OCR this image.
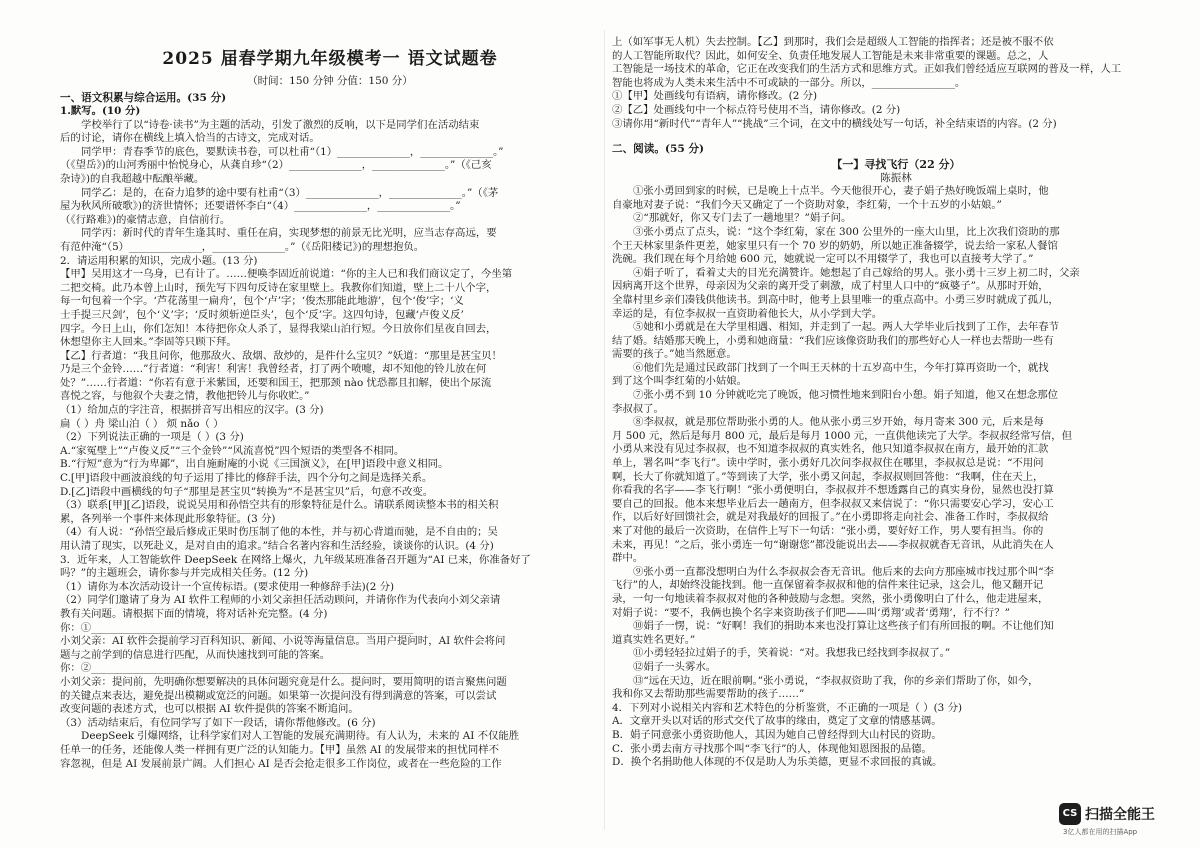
2025 届春学期九年级模考一 语文试题卷
（时间：150 分钟 分值：150 分）
一、语文积累与综合运用。(35 分)
1.默写。(10 分)
学校举行了以“诗卷·读书”为主题的活动，引发了激烈的反响，以下是同学们在活动结束
后的讨论，请你在横线上填入恰当的古诗文，完成对话。
同学甲：青春季节的底色，要默读书卷，可以杜甫“（1）______________，______________。”
（《望岳》)的山河秀丽中怡悦身心，从龚自珍“（2）______________，______________。”（《己亥
杂诗》)的自我超越中酝酿举藏。
同学乙：是的，在奋力追梦的途中要有杜甫“（3）______________，______________。”（《茅
屋为秋风所破歌》)的济世情怀；还要谱怀李白“（4）______________，______________。”
（《行路难》)的豪情志意，自信前行。
同学丙：新时代的青年生逢其时、重任在肩，实现梦想的前景无比光明，应当志存高远，要
有范仲淹“（5）______________，______________。”（《岳阳楼记》)的理想抱负。
2．请运用积累的知识，完成小题。(13 分)
【甲】吴用这才一乌身，已有计了。……便唤李固近前说道：“你的主人已和我们商议定了，今坐第
二把交椅。此乃本曾上山时，预先写下四句反诗在家里壁上。我教你们知道，壁上二十八个字，
每一句包着一个字。‘芦花荡里一扁舟’，包个‘卢’字；‘俊杰那能此地游’，包个‘俊’字；‘义
士手提三尺剑’，包个‘义’字；‘反时须斩逆臣头’，包个‘反’字。这四句诗，包藏‘卢俊义反’
四字。今日上山，你们怎知！本待把你众人杀了，显得我梁山泊行短。今日放你们星夜自回去，
休想望你主人回来。”李固等只顾下拜。
【乙】行者道：“我且问你，他那敌火、敌烟、敌炒的，是件什么宝贝？”妖道：“那里是甚宝贝！
乃是三个金铃……”行者道：“利害！利害！我曾经者，打了两个喷嚏，却不知他的铃儿放在何
处？”……行者道：“你若有意于米紫国，还要和国王，把那颈 nào 忧恐都且扣解，使出个尿流
喜悦之容，与他叙个夫妻之情，教他把铃儿与你收贮。”
（1）给加点的字注音，根据拼音写出相应的汉字。(3 分)
扁（ ）舟 梁山泊（ ） 烦 nǎo（ ）
（2）下列说法正确的一项是（ ）(3 分)
A.“家冤壁上”“卢俊义反”“三个金铃”“风流喜悦”四个短语的类型各不相同。
B.“行短”意为“行为卑鄙”，出自施耐庵的小说《三国演义》，在[甲]语段中意义相同。
C.[甲]语段中画波浪线的句子运用了排比的修辞手法，四个分句之间是选择关系。
D.[乙]语段中画横线的句子“那里是甚宝贝”转换为“不是甚宝贝”后，句意不改变。
（3）联系[甲][乙]语段，说说吴用和孙悟空共有的形象特征是什么。请联系阅读整本书的相关积
累，各列举一个事件来体现此形象特征。(3 分)
（4）有人说：“孙悟空最后修成正果时伤压制了他的本性，并与初心背道而驰，是不自由的；吴
用认清了现实，以死赴义，是对自由的追求。”结合名著内容和生活经验，谈谈你的认识。(4 分)
3．近年来，人工智能软件 DeepSeek 在网络上爆火，九年级某班准备召开题为“AI 已来，你准备好了
吗？”的主题班会，请你参与并完成相关任务。(12 分)
（1）请你为本次活动设计一个宣传标语。(要求使用一种修辞手法)(2 分)
（2）同学们邀请了身为 AI 软件工程师的小刘父亲担任活动顾问，并请你作为代表向小刘父亲请
教有关问题。请根据下面的情境，将对话补充完整。(4 分)
你：①______________________________________________________________
小刘父亲：AI 软件会提前学习百科知识、新闻、小说等海量信息。当用户提问时，AI 软件会将问
题与之前学到的信息进行匹配，从而快速找到可能的答案。
你：②______________________________________________________________
小刘父亲：提问前，先明确你想要解决的具体问题究竟是什么。提问时，要用简明的语言聚焦问题
的关键点来表达，避免提出模糊或宽泛的问题。如果第一次提问没有得到满意的答案，可以尝试
改变问题的表述方式，也可以根据 AI 软件提供的答案不断追问。
（3）活动结束后，有位同学写了如下一段话，请你帮他修改。(6 分)
DeepSeek 引爆网络，让科学家们对人工智能的发展充满期待。有人认为，未来的 AI 不仅能胜
任单一的任务，还能像人类一样拥有更广泛的认知能力。【甲】虽然 AI 的发展带来的担忧同样不
容忽视，但是 AI 发展前景广阔。人们担心 AI 是否会抢走很多工作岗位，或者在一些危险的工作
上（如军事无人机）失去控制。【乙】到那时，我们会是超级人工智能的指挥者；还是被不服不依
的人工智能所取代？因此，如何安全、负责任地发展人工智能是未来非常重要的课题。总之，人
工智能是一场技术的革命，它正在改变我们的生活方式和思维方式。正如我们曾经适应互联网的普及一样，人工
智能也将成为人类未来生活中不可或缺的一部分。所以，________________。
①【甲】处画线句有语病，请你修改。(2 分)
②【乙】处画线句中一个标点符号使用不当，请你修改。(2 分)
③请你用“新时代”“青年人”“挑战”三个词，在文中的横线处写一句话，补全结束语的内容。(2 分)
二、阅读。(55 分)
【一】寻找飞行（22 分）
陈振林
①张小勇回到家的时候，已是晚上十点半。今天他很开心，妻子娟子热好晚饭端上桌时，他
自豪地对妻子说：“我们今天又确定了一个资助对象，李红菊，一个十五岁的小姑娘。”
②“那就好，你又专门去了一趟地里？”娟子问。
③张小勇点了点头，说：“这个李红菊，家在 300 公里外的一座大山里，比上次我们资助的那
个王天林家里条件更差，她家里只有一个 70 岁的奶奶，所以她正准备辍学，说去给一家私人餐馆
洗碗。我们现在每个月给她 600 元，她就说一定可以不用辍学了，我也可以直接考大学了。”
④娟子听了，看着丈夫的目光充满赞许。她想起了自己嫁给的男人。张小勇十三岁上初二时，父亲
因病离开这个世界，母亲因为父亲的离开受了刺激，成了村里人口中的“疯婆子”。从那时开始，
全靠村里乡亲们凑钱供他读书。到高中时，他考上县里唯一的重点高中。小勇三岁时就成了孤儿，
幸运的是，有位李叔叔一直资助着他长大，从小学到大学。
⑤她和小勇就是在大学里相遇、相知，并走到了一起。两人大学毕业后找到了工作，去年春节
结了婚。结婚那天晚上，小勇和她商量：“我们应该像资助我们的那些好心人一样也去帮助一些有
需要的孩子。”她当然愿意。
⑥他们先是通过民政部门找到了一个叫王天林的十五岁高中生，今年打算再资助一个，就找
到了这个叫李红菊的小姑娘。
⑦张小勇不到 10 分钟就吃完了晚饭，他习惯性地来到阳台小憩。娟子知道，他又在想念那位
李叔叔了。
⑧李叔叔，就是那位帮助张小勇的人。他从张小勇三岁开始，每月寄来 300 元，后来是每
月 500 元，然后是每月 800 元，最后是每月 1000 元，一直供他读完了大学。李叔叔经常写信，但
小勇从来没有见过李叔叔，也不知道李叔叔的真实姓名，他只知道李叔叔在南方，最开始的汇款
单上，署名叫“李飞行”。读中学时，张小勇好几次问李叔叔住在哪里，李叔叔总是说：“不用问
啊，长大了你就知道了。”等到读了大学，张小勇又问起，李叔叔则回答他：“我啊，住在天上，
你看我的名字——李飞行啊！”张小勇便明白，李叔叔并不想透露自己的真实身份，显然也没打算
要自己的回报。他本来想毕业后去一趟南方，但李叔叔又来信说了：“你只需要安心学习，安心工
作，以后好好回馈社会，就是对我最好的回报了。”在小勇即将走向社会、准备工作时，李叔叔给
来了对他的最后一次资助，在信件上写下一句话：“张小勇，要好好工作，男人要有担当。你的
未来，再见！”之后，张小勇连一句“谢谢您”都没能说出去——李叔叔就杳无音讯，从此消失在人
群中。
⑨张小勇一直都没想明白为什么李叔叔会杳无音讯。他后来的去向方那座城市找过那个叫“李
飞行”的人，却始终没能找到。他一直保留着李叔叔和他的信件来往记录，这会儿，他又翻开记
录，一句一句地读着李叔叔对他的各种鼓励与念想。突然，张小勇像明白了什么，他走进屋来，
对娟子说：“要不，我俩也换个名字来资助孩子们吧——叫‘勇翔’或者‘勇翔’，行不行？”
⑩娟子一愣，说：“好啊！我们的捐助本来也没打算让这些孩子们有所回报的啊。不让他们知
道真实姓名更好。”
⑪小勇轻轻拉过娟子的手，笑着说：“对。我想我已经找到李叔叔了。”
⑫娟子一头雾水。
⑬“远在天边，近在眼前啊。”张小勇说，“李叔叔资助了我，你的乡亲们帮助了你，如今，
我和你又去帮助那些需要帮助的孩子……”
4．下列对小说相关内容和艺术特色的分析鉴赏，不正确的一项是（ ）(3 分)
A．文章开头以对话的形式交代了故事的缘由，奠定了文章的情感基调。
B．娟子同意张小勇资助他人，其因为她自己曾经得到大山村民的资助。
C．张小勇去南方寻找那个叫“李飞行”的人，体现他知恩图报的品德。
D．换个名捐助他人体现的不仅是助人为乐美德，更显不求回报的真诚。
CS 扫描全能王
3亿人都在用的扫描App
